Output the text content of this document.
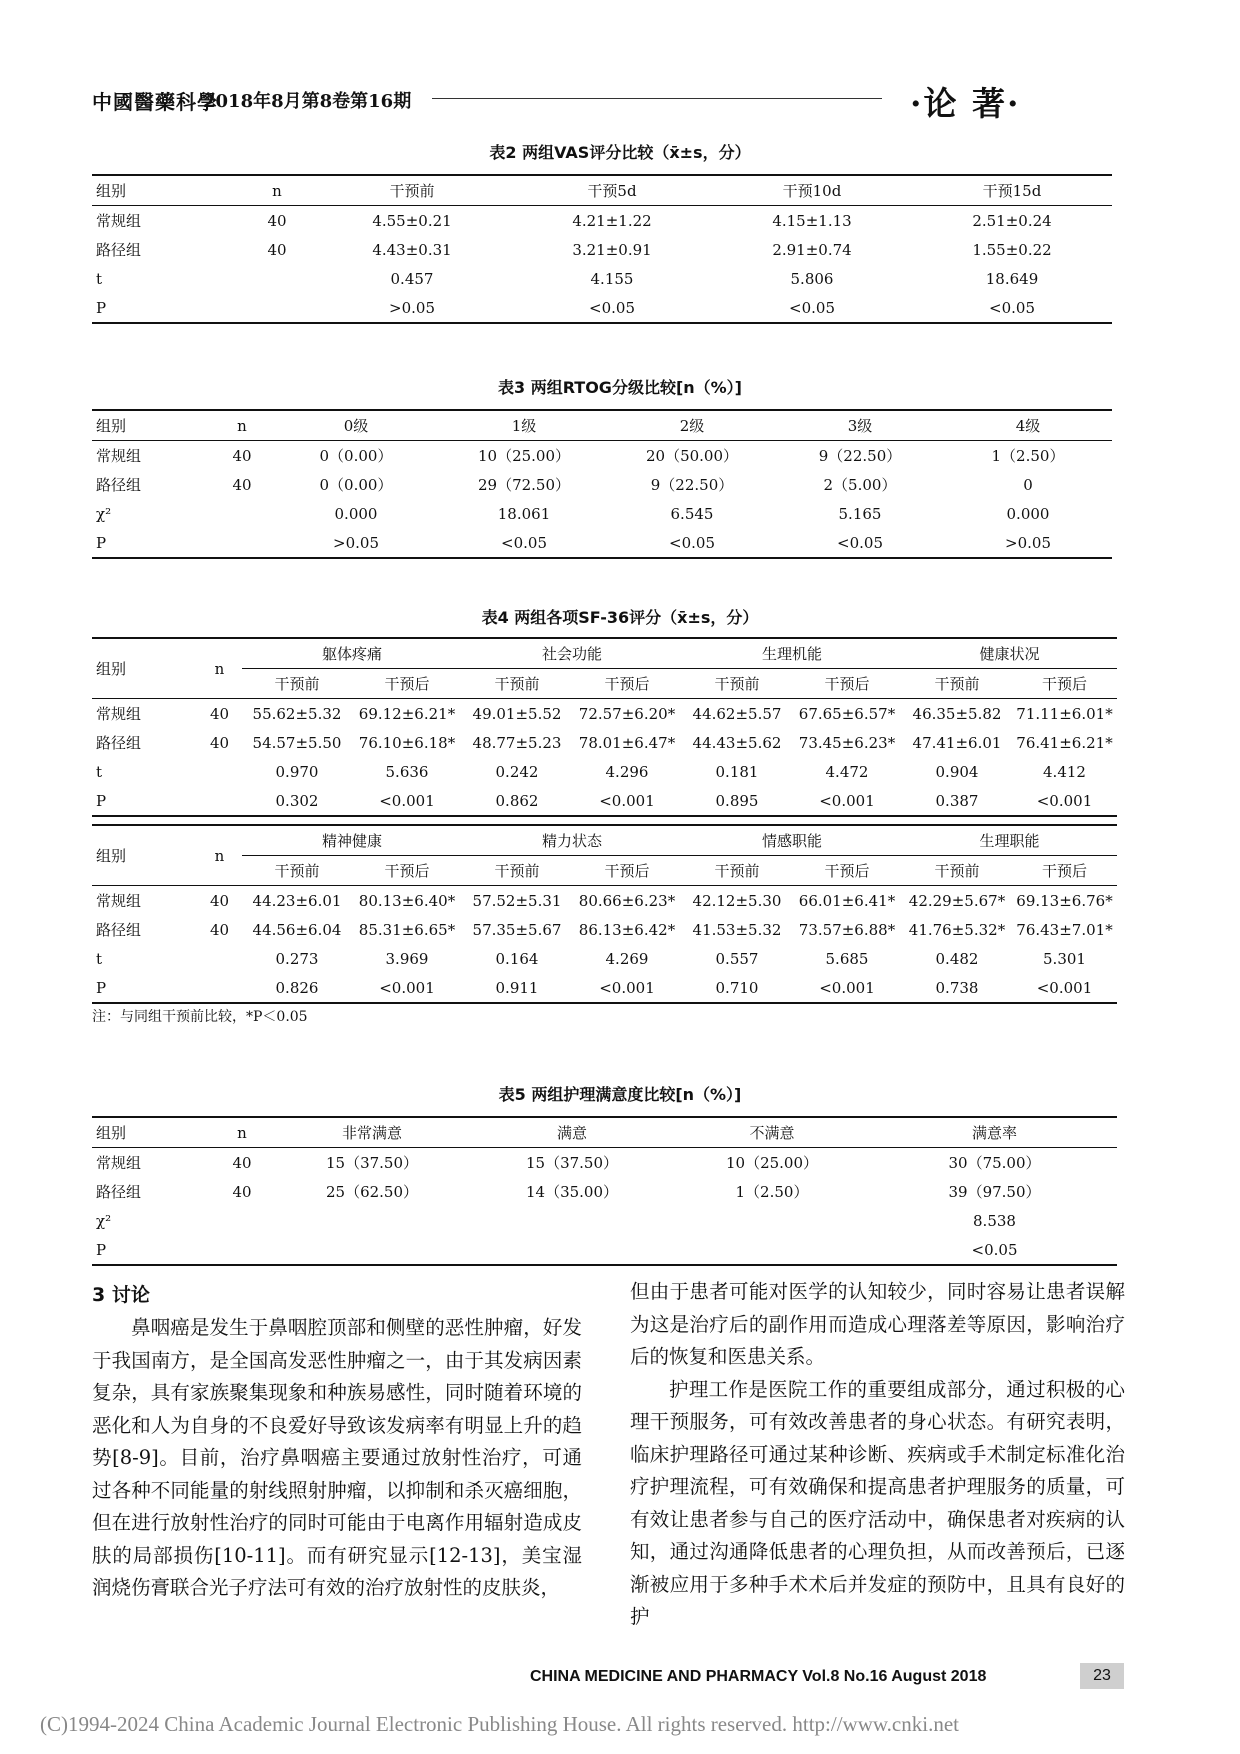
中國醫藥科學
2018年8月第8卷第16期	·论 著·
表2 两组VAS评分比较（x̄±s，分）
组别	n	干预前	干预5d	干预10d	干预15d
常规组	40	4.55±0.21	4.21±1.22	4.15±1.13	2.51±0.24
路径组	40	4.43±0.31	3.21±0.91	2.91±0.74	1.55±0.22
t		0.457	4.155	5.806	18.649
P		>0.05	<0.05	<0.05	<0.05
表3 两组RTOG分级比较[n（%）]
组别	n	0级	1级	2级	3级	4级
常规组	40	0（0.00）	10（25.00）	20（50.00）	9（22.50）	1（2.50）
路径组	40	0（0.00）	29（72.50）	9（22.50）	2（5.00）	0
χ²		0.000	18.061	6.545	5.165	0.000
P		>0.05	<0.05	<0.05	<0.05	>0.05
表4 两组各项SF-36评分（x̄±s，分）
组别	n	躯体疼痛		社会功能		生理机能		健康状况	
		干预前	干预后	干预前	干预后	干预前	干预后	干预前	干预后
常规组	40	55.62±5.32	69.12±6.21*	49.01±5.52	72.57±6.20*	44.62±5.57	67.65±6.57*	46.35±5.82	71.11±6.01*
路径组	40	54.57±5.50	76.10±6.18*	48.77±5.23	78.01±6.47*	44.43±5.62	73.45±6.23*	47.41±6.01	76.41±6.21*
t		0.970	5.636	0.242	4.296	0.181	4.472	0.904	4.412
P		0.302	<0.001	0.862	<0.001	0.895	<0.001	0.387	<0.001
组别	n	精神健康		精力状态		情感职能		生理职能	
		干预前	干预后	干预前	干预后	干预前	干预后	干预前	干预后
常规组	40	44.23±6.01	80.13±6.40*	57.52±5.31	80.66±6.23*	42.12±5.30	66.01±6.41*	42.29±5.67*	69.13±6.76*
路径组	40	44.56±6.04	85.31±6.65*	57.35±5.67	86.13±6.42*	41.53±5.32	73.57±6.88*	41.76±5.32*	76.43±7.01*
t		0.273	3.969	0.164	4.269	0.557	5.685	0.482	5.301
P		0.826	<0.001	0.911	<0.001	0.710	<0.001	0.738	<0.001
注：与同组干预前比较，*P＜0.05
表5 两组护理满意度比较[n（%）]
组别	n	非常满意	满意	不满意	满意率
常规组	40	15（37.50）	15（37.50）	10（25.00）	30（75.00）
路径组	40	25（62.50）	14（35.00）	1（2.50）	39（97.50）
χ²					8.538
P					<0.05
3 讨论

鼻咽癌是发生于鼻咽腔顶部和侧壁的恶性肿瘤，好发于我国南方，是全国高发恶性肿瘤之一，由于其发病因素复杂，具有家族聚集现象和种族易感性，同时随着环境的恶化和人为自身的不良爱好导致该发病率有明显上升的趋势[8-9]。目前，治疗鼻咽癌主要通过放射性治疗，可通过各种不同能量的射线照射肿瘤，以抑制和杀灭癌细胞，但在进行放射性治疗的同时可能由于电离作用辐射造成皮肤的局部损伤[10-11]。而有研究显示[12-13]，美宝湿润烧伤膏联合光子疗法可有效的治疗放射性的皮肤炎，

但由于患者可能对医学的认知较少，同时容易让患者误解为这是治疗后的副作用而造成心理落差等原因，影响治疗后的恢复和医患关系。

护理工作是医院工作的重要组成部分，通过积极的心理干预服务，可有效改善患者的身心状态。有研究表明，临床护理路径可通过某种诊断、疾病或手术制定标准化治疗护理流程，可有效确保和提高患者护理服务的质量，可有效让患者参与自己的医疗活动中，确保患者对疾病的认知，通过沟通降低患者的心理负担，从而改善预后，已逐渐被应用于多种手术术后并发症的预防中，且具有良好的护

CHINA MEDICINE AND PHARMACY Vol.8 No.16 August 2018	23
(C)1994-2024 China Academic Journal Electronic Publishing House. All rights reserved. http://www.cnki.net
